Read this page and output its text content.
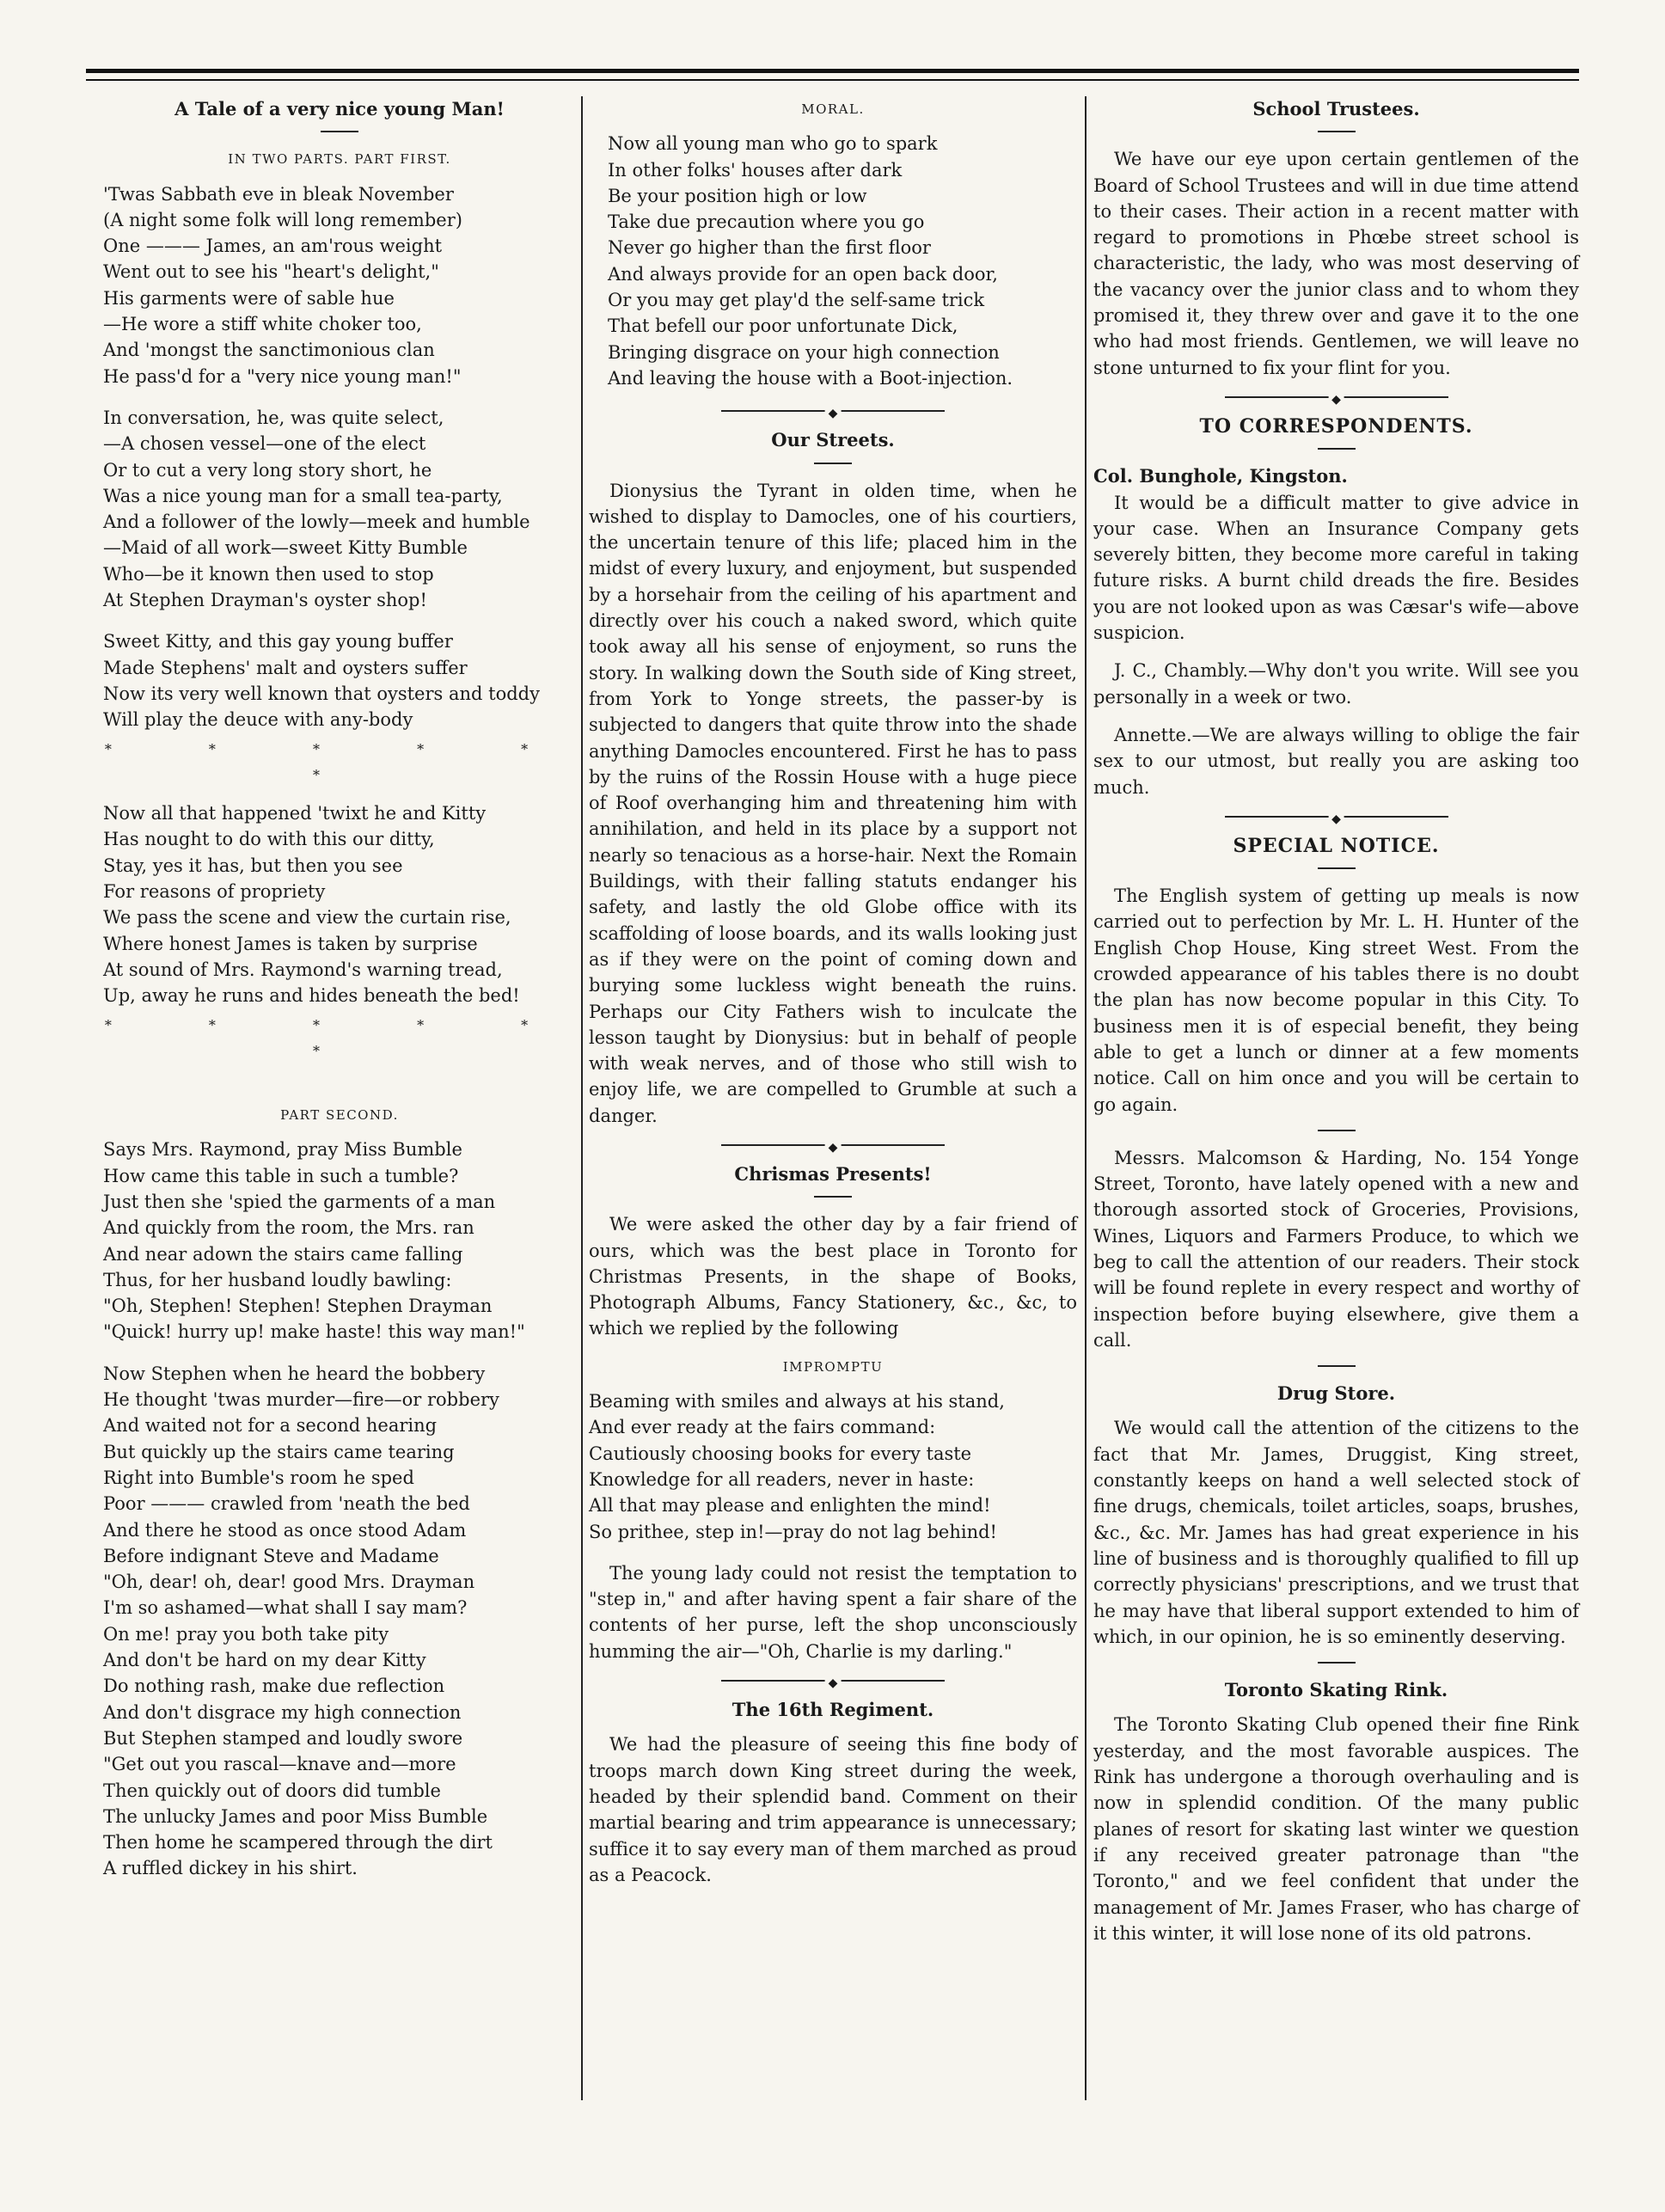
A Tale of a very nice young Man!
IN TWO PARTS. PART FIRST.
'Twas Sabbath eve in bleak November
(A night some folk will long remember)
One ——— James, an am'rous weight
Went out to see his "heart's delight,"
His garments were of sable hue
—He wore a stiff white choker too,
And 'mongst the sanctimonious clan
He pass'd for a "very nice young man!"
In conversation, he, was quite select,
—A chosen vessel—one of the elect
Or to cut a very long story short, he
Was a nice young man for a small tea-party,
And a follower of the lowly—meek and humble
—Maid of all work—sweet Kitty Bumble
Who—be it known then used to stop
At Stephen Drayman's oyster shop!
Sweet Kitty, and this gay young buffer
Made Stephens' malt and oysters suffer
Now its very well known that oysters and toddy
Will play the deuce with any-body
* * * * * *
Now all that happened 'twixt he and Kitty
Has nought to do with this our ditty,
Stay, yes it has, but then you see
For reasons of propriety
We pass the scene and view the curtain rise,
Where honest James is taken by surprise
At sound of Mrs. Raymond's warning tread,
Up, away he runs and hides beneath the bed!
* * * * * *
PART SECOND.
Says Mrs. Raymond, pray Miss Bumble
How came this table in such a tumble?
Just then she 'spied the garments of a man
And quickly from the room, the Mrs. ran
And near adown the stairs came falling
Thus, for her husband loudly bawling:
"Oh, Stephen! Stephen! Stephen Drayman
"Quick! hurry up! make haste! this way man!"
Now Stephen when he heard the bobbery
He thought 'twas murder—fire—or robbery
And waited not for a second hearing
But quickly up the stairs came tearing
Right into Bumble's room he sped
Poor ——— crawled from 'neath the bed
And there he stood as once stood Adam
Before indignant Steve and Madame
"Oh, dear! oh, dear! good Mrs. Drayman
I'm so ashamed—what shall I say mam?
On me! pray you both take pity
And don't be hard on my dear Kitty
Do nothing rash, make due reflection
And don't disgrace my high connection
But Stephen stamped and loudly swore
"Get out you rascal—knave and—more
Then quickly out of doors did tumble
The unlucky James and poor Miss Bumble
Then home he scampered through the dirt
A ruffled dickey in his shirt.
MORAL.
Now all young man who go to spark
In other folks' houses after dark
Be your position high or low
Take due precaution where you go
Never go higher than the first floor
And always provide for an open back door,
Or you may get play'd the self-same trick
That befell our poor unfortunate Dick,
Bringing disgrace on your high connection
And leaving the house with a Boot-injection.
◆
Our Streets.

Dionysius the Tyrant in olden time, when he wished to display to Damocles, one of his courtiers, the uncertain tenure of this life; placed him in the midst of every luxury, and enjoyment, but suspended by a horsehair from the ceiling of his apartment and directly over his couch a naked sword, which quite took away all his sense of enjoyment, so runs the story. In walking down the South side of King street, from York to Yonge streets, the passer-by is subjected to dangers that quite throw into the shade anything Damocles encountered. First he has to pass by the ruins of the Rossin House with a huge piece of Roof overhanging him and threatening him with annihilation, and held in its place by a support not nearly so tenacious as a horse-hair. Next the Romain Buildings, with their falling statuts endanger his safety, and lastly the old Globe office with its scaffolding of loose boards, and its walls looking just as if they were on the point of coming down and burying some luckless wight beneath the ruins. Perhaps our City Fathers wish to inculcate the lesson taught by Dionysius: but in behalf of people with weak nerves, and of those who still wish to enjoy life, we are compelled to Grumble at such a danger.

◆
Chrismas Presents!

We were asked the other day by a fair friend of ours, which was the best place in Toronto for Christmas Presents, in the shape of Books, Photograph Albums, Fancy Stationery, &c., &c, to which we replied by the following

IMPROMPTU
Beaming with smiles and always at his stand,
And ever ready at the fairs command:
Cautiously choosing books for every taste
Knowledge for all readers, never in haste:
All that may please and enlighten the mind!
So prithee, step in!—pray do not lag behind!

The young lady could not resist the temptation to "step in," and after having spent a fair share of the contents of her purse, left the shop unconsciously humming the air—"Oh, Charlie is my darling."

◆
The 16th Regiment.

We had the pleasure of seeing this fine body of troops march down King street during the week, headed by their splendid band. Comment on their martial bearing and trim appearance is unnecessary; suffice it to say every man of them marched as proud as a Peacock.

School Trustees.

We have our eye upon certain gentlemen of the Board of School Trustees and will in due time attend to their cases. Their action in a recent matter with regard to promotions in Phœbe street school is characteristic, the lady, who was most deserving of the vacancy over the junior class and to whom they promised it, they threw over and gave it to the one who had most friends. Gentlemen, we will leave no stone unturned to fix your flint for you.

◆
TO CORRESPONDENTS.
Col. Bunghole, Kingston.

It would be a difficult matter to give advice in your case. When an Insurance Company gets severely bitten, they become more careful in taking future risks. A burnt child dreads the fire. Besides you are not looked upon as was Cæsar's wife—above suspicion.

J. C., Chambly.—Why don't you write. Will see you personally in a week or two.

Annette.—We are always willing to oblige the fair sex to our utmost, but really you are asking too much.

◆
SPECIAL NOTICE.

The English system of getting up meals is now carried out to perfection by Mr. L. H. Hunter of the English Chop House, King street West. From the crowded appearance of his tables there is no doubt the plan has now become popular in this City. To business men it is of especial benefit, they being able to get a lunch or dinner at a few moments notice. Call on him once and you will be certain to go again.

Messrs. Malcomson & Harding, No. 154 Yonge Street, Toronto, have lately opened with a new and thorough assorted stock of Groceries, Provisions, Wines, Liquors and Farmers Produce, to which we beg to call the attention of our readers. Their stock will be found replete in every respect and worthy of inspection before buying elsewhere, give them a call.

Drug Store.

We would call the attention of the citizens to the fact that Mr. James, Druggist, King street, constantly keeps on hand a well selected stock of fine drugs, chemicals, toilet articles, soaps, brushes, &c., &c. Mr. James has had great experience in his line of business and is thoroughly qualified to fill up correctly physicians' prescriptions, and we trust that he may have that liberal support extended to him of which, in our opinion, he is so eminently deserving.

Toronto Skating Rink.

The Toronto Skating Club opened their fine Rink yesterday, and the most favorable auspices. The Rink has undergone a thorough overhauling and is now in splendid condition. Of the many public planes of resort for skating last winter we question if any received greater patronage than "the Toronto," and we feel confident that under the management of Mr. James Fraser, who has charge of it this winter, it will lose none of its old patrons.
